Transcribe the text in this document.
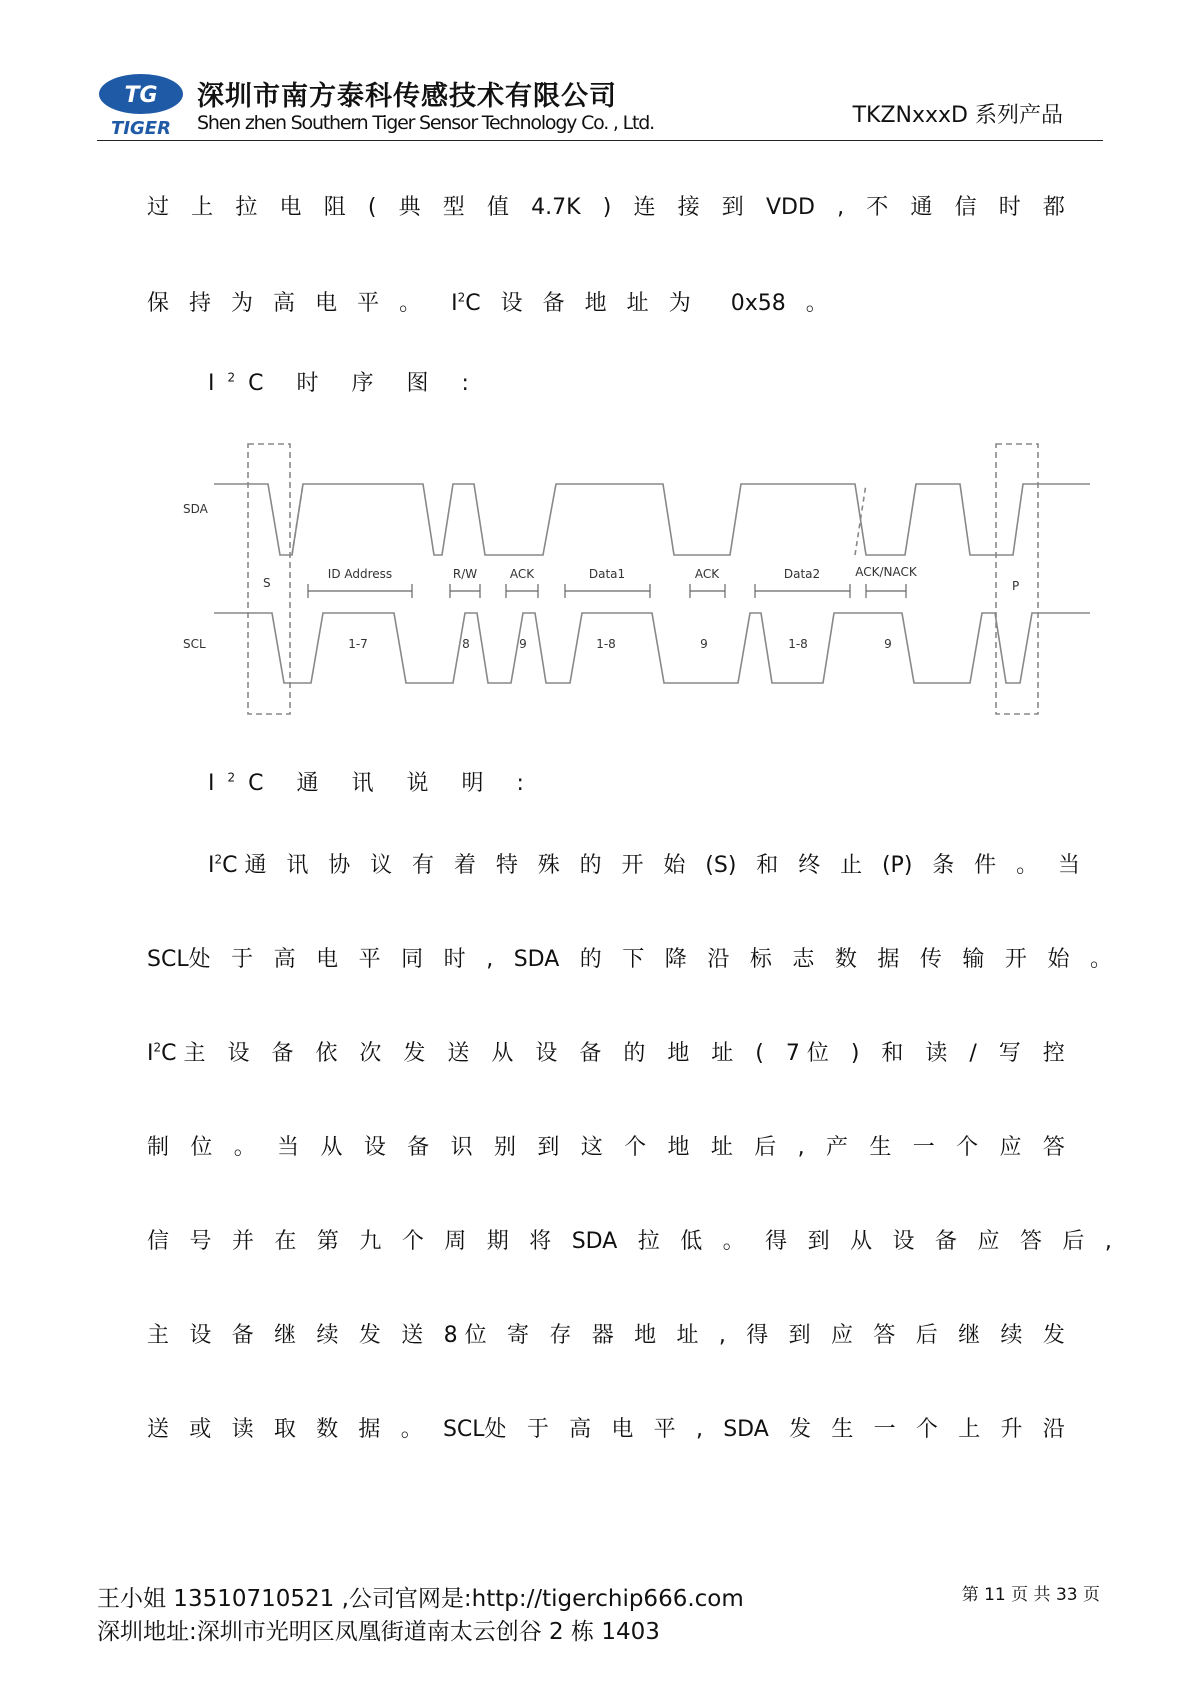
TG
TIGER
深圳市南方泰科传感技术有限公司
Shen zhen Southern Tiger Sensor Technology Co. , Ltd.	TKZNxxxD 系列产品
过 上 拉 电 阻 ( 典 型 值 4.7K ) 连 接 到 VDD , 不 通 信 时 都
保 持 为 高 电 平 。 $I^2C$ 设 备 地 址 为 0x58 。
$I^2C$ 时 序 图 :
SDA
SCL
S	P
ID Address	R/W	ACK	Data1	ACK	Data2	ACK/NACK
1-7	8	9	1-8	9	1-8	9
$I^2C$ 通 讯 说 明 :
$I^2C$ 通 讯 协 议 有 着 特 殊 的 开 始 (S) 和 终 止 (P) 条 件 。 当
SCL处 于 高 电 平 同 时 , SDA 的 下 降 沿 标 志 数 据 传 输 开 始 。
$I^2C$ 主 设 备 依 次 发 送 从 设 备 的 地 址 ( 7 位 ) 和 读 / 写 控
制 位 。 当 从 设 备 识 别 到 这 个 地 址 后 , 产 生 一 个 应 答
信 号 并 在 第 九 个 周 期 将 SDA 拉 低 。 得 到 从 设 备 应 答 后 ,
主 设 备 继 续 发 送 8 位 寄 存 器 地 址 , 得 到 应 答 后 继 续 发
送 或 读 取 数 据 。 SCL处 于 高 电 平 , SDA 发 生 一 个 上 升 沿
王小姐 13510710521 ,公司官网是:http://tigerchip666.com
深圳地址:深圳市光明区凤凰街道南太云创谷 2 栋 1403
第 11 页 共 33 页
